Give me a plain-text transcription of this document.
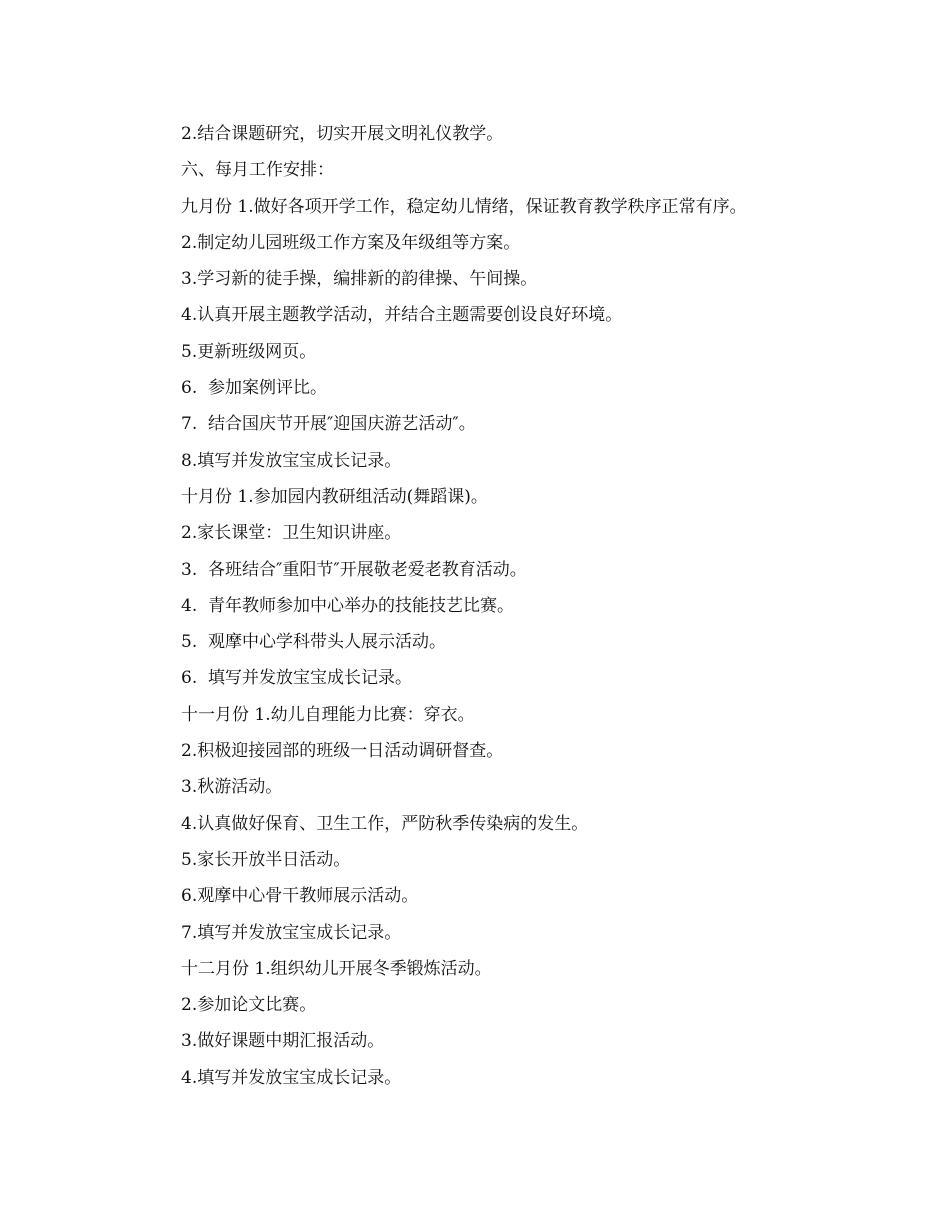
2.结合课题研究，切实开展文明礼仪教学。

六、每月工作安排：

九月份 1.做好各项开学工作，稳定幼儿情绪，保证教育教学秩序正常有序。

2.制定幼儿园班级工作方案及年级组等方案。

3.学习新的徒手操，编排新的韵律操、午间操。

4.认真开展主题教学活动，并结合主题需要创设良好环境。

5.更新班级网页。

6.  参加案例评比。

7.  结合国庆节开展″迎国庆游艺活动″。

8.填写并发放宝宝成长记录。

十月份 1.参加园内教研组活动(舞蹈课)。

2.家长课堂：卫生知识讲座。

3.  各班结合″重阳节″开展敬老爱老教育活动。

4.  青年教师参加中心举办的技能技艺比赛。

5.  观摩中心学科带头人展示活动。

6.  填写并发放宝宝成长记录。

十一月份 1.幼儿自理能力比赛：穿衣。

2.积极迎接园部的班级一日活动调研督查。

3.秋游活动。

4.认真做好保育、卫生工作，严防秋季传染病的发生。

5.家长开放半日活动。

6.观摩中心骨干教师展示活动。

7.填写并发放宝宝成长记录。

十二月份 1.组织幼儿开展冬季锻炼活动。

2.参加论文比赛。

3.做好课题中期汇报活动。

4.填写并发放宝宝成长记录。
